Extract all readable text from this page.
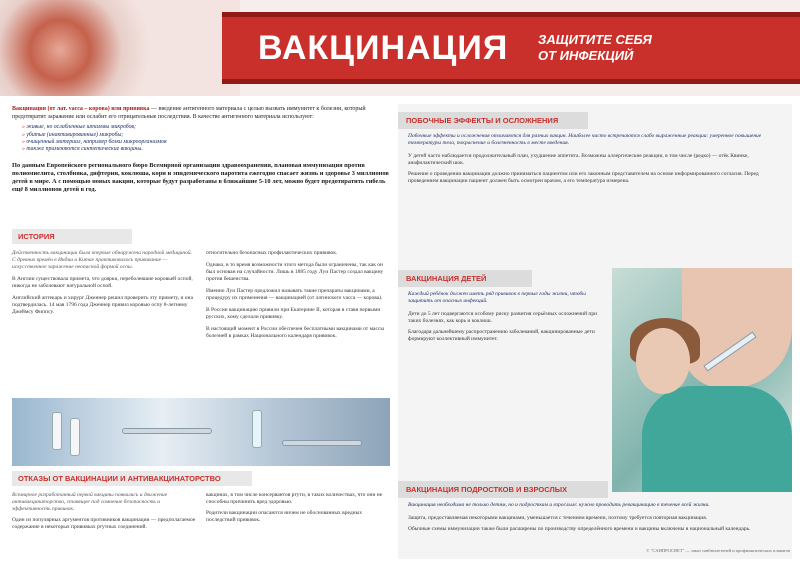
ВАКЦИНАЦИЯ	ЗАЩИТИТЕ СЕБЯ
ОТ ИНФЕКЦИЙ

Вакцинация (от лат. vacca – корова) или прививка — введение антигенного материала с целью вызвать иммунитет к болезни, который предотвратит заражение или ослабит его отрицательные последствия. В качестве антигенного материала используют:

» живые, но ослабленные штаммы микробов;
» убитые (инактивированные) микробы;
» очищенный материал, например белки микроорганизмов
» также применяются синтетические вакцины.

По данным Европейского регионального бюро Всемирной организации здравоохранения, плановая иммунизация против полиомиелита, столбняка, дифтерии, коклюша, кори и эпидемического паротита ежегодно спасает жизнь и здоровье 3 миллионов детей в мире. А с помощью новых вакцин, которые будут разработаны в ближайшие 5-10 лет, можно будет предотвратить гибель ещё 8 миллионов детей в год.

ИСТОРИЯ

Действенность вакцинации была впервые обнаружена народной медициной. С древних времён в Индии и Китае практиковалось прививание — искусственное заражение неопасной формой оспы.

В Англии существовала примета, что доярки, переболевшие коровьей оспой, никогда не заболевают натуральной оспой.

Английский аптекарь и хирург Дженнер решил проверить эту примету, и она подтвердилась. 14 мая 1796 года Дженнер привил коровью оспу 8-летнему Джеймсу Фиппсу.

относительно безопасных профилактических прививок.

Однако, в то время возможности этого метода были ограничены, так как он был основан на случайности. Лишь в 1885 году Луи Пастер создал вакцину против бешенства.

Именно Луи Пастер предложил называть такие препараты вакцинами, а процедуру их применения — вакцинацией (от латинского vacca — корова).

В России вакцинацию привили при Екатерине II, которая в ставя первыми русских, кому сделали прививку.

В настоящий момент в России обеспечен бесплатными вакцинами от массы болезней в рамках Национального календаря прививок.

ОТКАЗЫ ОТ ВАКЦИНАЦИИ И АНТИВАКЦИНАТОРСТВО

Всемирное разработанный первой вакцины появились и движение антивакцинаторства, ставящее под сомнение безопасность и эффективность прививок.

Один из популярных аргументов противников вакцинации — предполагаемое содержание в некоторых прививках ртутных соединений.

вакцинах, в том числе консервантов ртути, в таких количествах, что они не способны причинить вред здоровью.

Родители вакцинации опасаются ничем не обоснованных вредных последствий прививок.

ПОБОЧНЫЕ ЭФФЕКТЫ И ОСЛОЖНЕНИЯ

Побочные эффекты и осложнения отличаются для разных вакцин. Наиболее часто встречаются слабо выраженные реакции: умеренное повышение температуры тела, покраснение и болезненность в месте введения.

У детей часто наблюдается продолжительный плач, ухудшение аппетита. Возможны аллергические реакции, в том числе (редко) — отёк Квинке, анафилактический шок.

Решение о проведении вакцинации должно приниматься пациентом или его законным представителем на основе информированного согласия. Перед проведением вакцинации пациент должен быть осмотрен врачом, а его температура измерена.

ВАКЦИНАЦИЯ ДЕТЕЙ

Каждый ребёнок должен иметь ряд прививок в первые годы жизни, чтобы защитить от опасных инфекций.

Дети до 5 лет подвергаются особому риску развития серьёзных осложнений при таких болезнях, как корь и коклюш.

Благодаря дальнейшему распространению заболеваний, вакцинированные дети формируют коллективный иммунитет.

ВАКЦИНАЦИЯ ПОДРОСТКОВ И ВЗРОСЛЫХ

Вакцинация необходима не только детям, но и подросткам и взрослым: нужно проводить ревакцинацию в течение всей жизни.

Защита, предоставляемая некоторыми вакцинами, уменьшается с течением времени, поэтому требуется повторная вакцинация.

Обычные схемы иммунизации также были расширены по производству определённого времени и вакцины включены в национальный календарь.

© "САНПРОСВЕТ" — заказ санбюллетеней и профилактических плакатов
